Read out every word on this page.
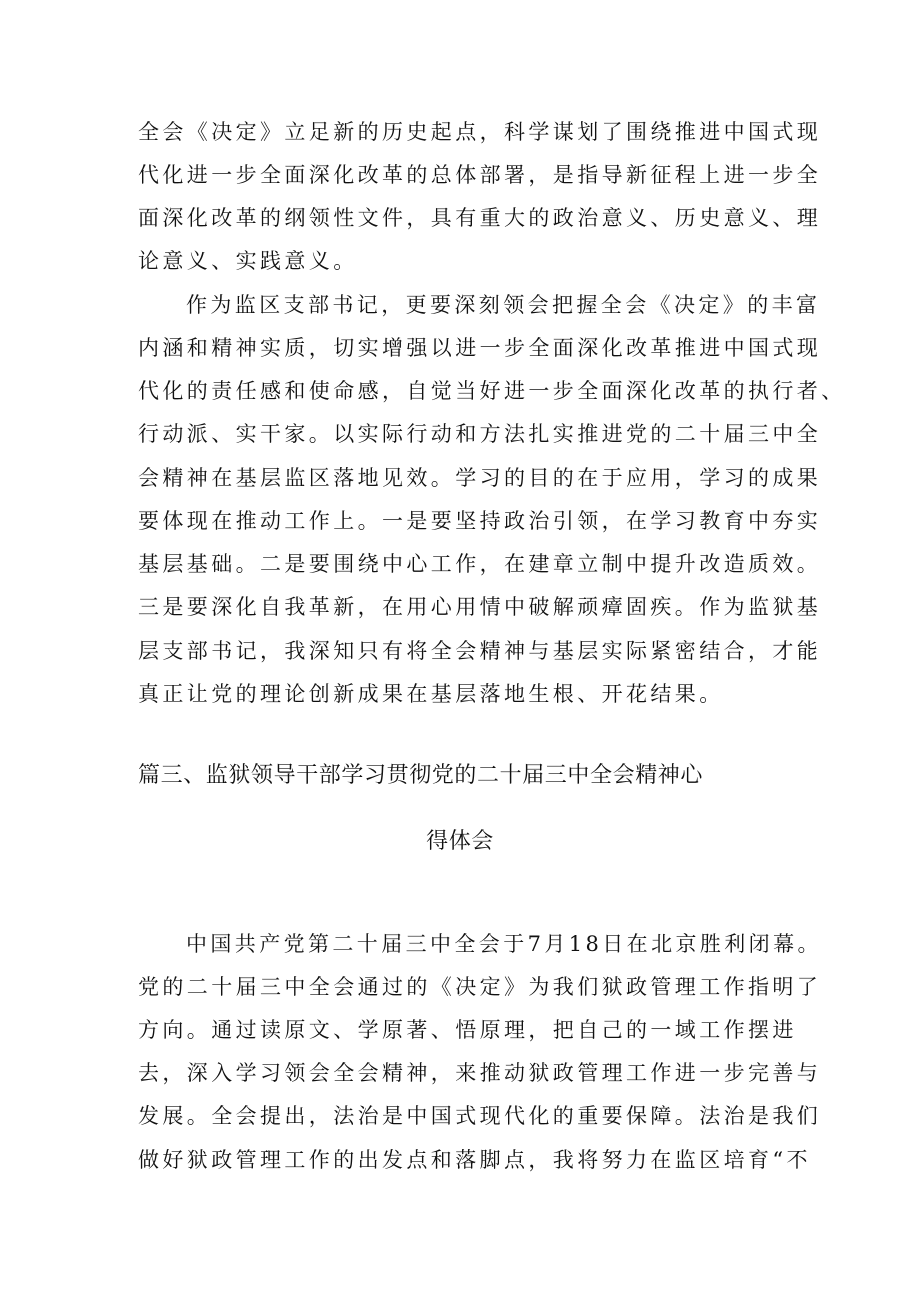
全会《决定》立足新的历史起点，科学谋划了围绕推进中国式现
代化进一步全面深化改革的总体部署，是指导新征程上进一步全
面深化改革的纲领性文件，具有重大的政治意义、历史意义、理
论意义、实践意义。
作为监区支部书记，更要深刻领会把握全会《决定》的丰富
内涵和精神实质，切实增强以进一步全面深化改革推进中国式现
代化的责任感和使命感，自觉当好进一步全面深化改革的执行者、
行动派、实干家。以实际行动和方法扎实推进党的二十届三中全
会精神在基层监区落地见效。学习的目的在于应用，学习的成果
要体现在推动工作上。一是要坚持政治引领，在学习教育中夯实
基层基础。二是要围绕中心工作，在建章立制中提升改造质效。
三是要深化自我革新，在用心用情中破解顽瘴固疾。作为监狱基
层支部书记，我深知只有将全会精神与基层实际紧密结合，才能
真正让党的理论创新成果在基层落地生根、开花结果。
篇三、监狱领导干部学习贯彻党的二十届三中全会精神心
得体会
中国共产党第二十届三中全会于7月18日在北京胜利闭幕。
党的二十届三中全会通过的《决定》为我们狱政管理工作指明了
方向。通过读原文、学原著、悟原理，把自己的一域工作摆进
去，深入学习领会全会精神，来推动狱政管理工作进一步完善与
发展。全会提出，法治是中国式现代化的重要保障。法治是我们
做好狱政管理工作的出发点和落脚点，我将努力在监区培育“不
